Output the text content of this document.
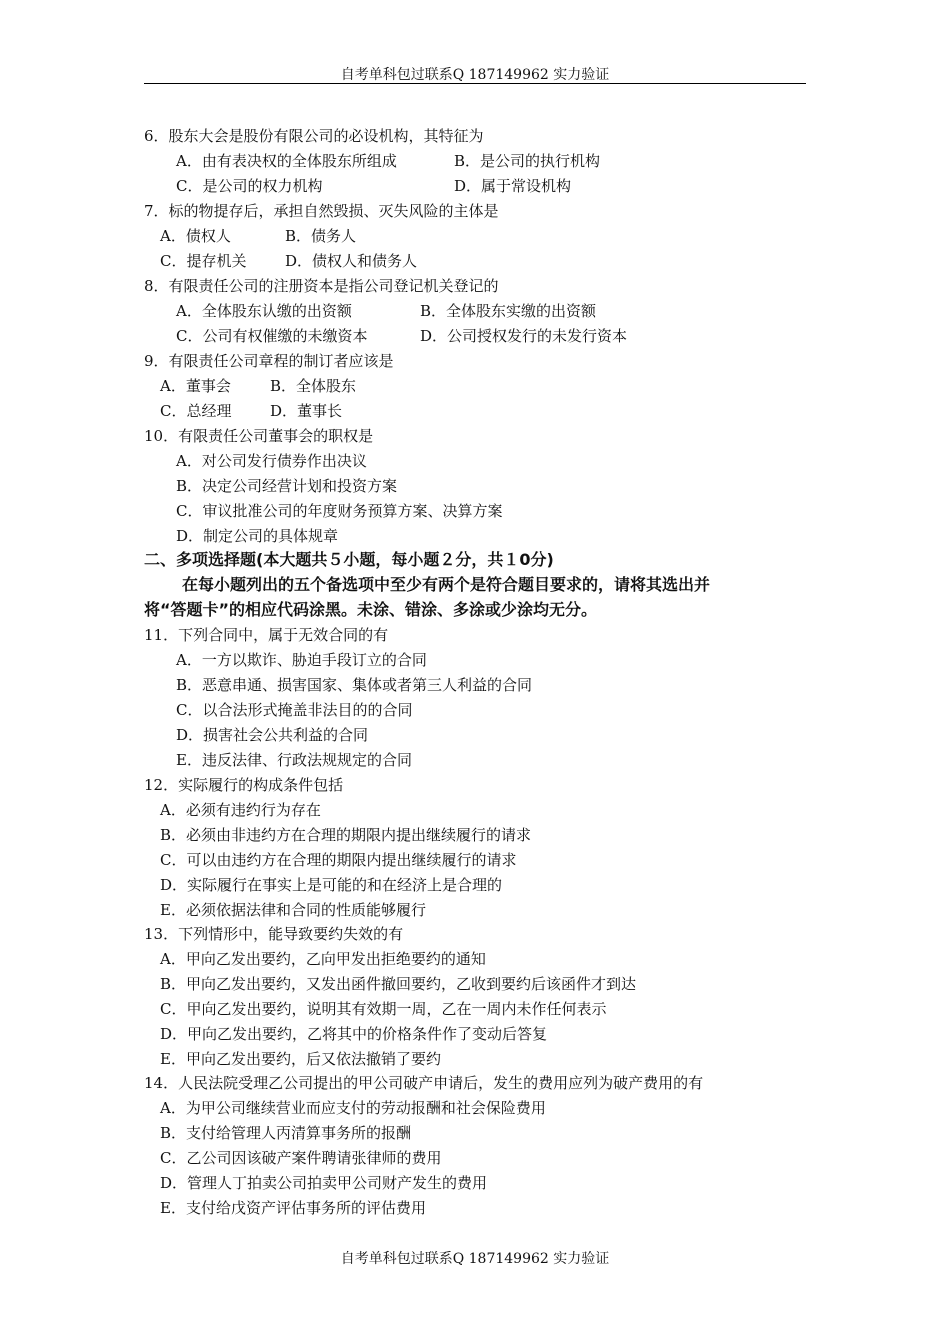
自考单科包过联系Q 187149962 实力验证
6．股东大会是股份有限公司的必设机构，其特征为
A．由有表决权的全体股东所组成	B．是公司的执行机构
C．是公司的权力机构	D．属于常设机构
7．标的物提存后，承担自然毁损、灭失风险的主体是
A．债权人	B．债务人
C．提存机关	D．债权人和债务人
8．有限责任公司的注册资本是指公司登记机关登记的
A．全体股东认缴的出资额	B．全体股东实缴的出资额
C．公司有权催缴的未缴资本	D．公司授权发行的未发行资本
9．有限责任公司章程的制订者应该是
A．董事会	B．全体股东
C．总经理	D．董事长
10．有限责任公司董事会的职权是
A．对公司发行债券作出决议
B．决定公司经营计划和投资方案
C．审议批准公司的年度财务预算方案、决算方案
D．制定公司的具体规章
二、多项选择题(本大题共５小题，每小题２分，共１0分)
在每小题列出的五个备选项中至少有两个是符合题目要求的，请将其选出并
将“答题卡”的相应代码涂黑。未涂、错涂、多涂或少涂均无分。
11．下列合同中，属于无效合同的有
A．一方以欺诈、胁迫手段订立的合同
B．恶意串通、损害国家、集体或者第三人利益的合同
C．以合法形式掩盖非法目的的合同
D．损害社会公共利益的合同
E．违反法律、行政法规规定的合同
12．实际履行的构成条件包括
A．必须有违约行为存在
B．必须由非违约方在合理的期限内提出继续履行的请求
C．可以由违约方在合理的期限内提出继续履行的请求
D．实际履行在事实上是可能的和在经济上是合理的
E．必须依据法律和合同的性质能够履行
13．下列情形中，能导致要约失效的有
A．甲向乙发出要约，乙向甲发出拒绝要约的通知
B．甲向乙发出要约，又发出函件撤回要约，乙收到要约后该函件才到达
C．甲向乙发出要约，说明其有效期一周，乙在一周内未作任何表示
D．甲向乙发出要约，乙将其中的价格条件作了变动后答复
E．甲向乙发出要约，后又依法撤销了要约
14．人民法院受理乙公司提出的甲公司破产申请后，发生的费用应列为破产费用的有
A．为甲公司继续营业而应支付的劳动报酬和社会保险费用
B．支付给管理人丙清算事务所的报酬
C．乙公司因该破产案件聘请张律师的费用
D．管理人丁拍卖公司拍卖甲公司财产发生的费用
E．支付给戊资产评估事务所的评估费用
自考单科包过联系Q 187149962 实力验证
